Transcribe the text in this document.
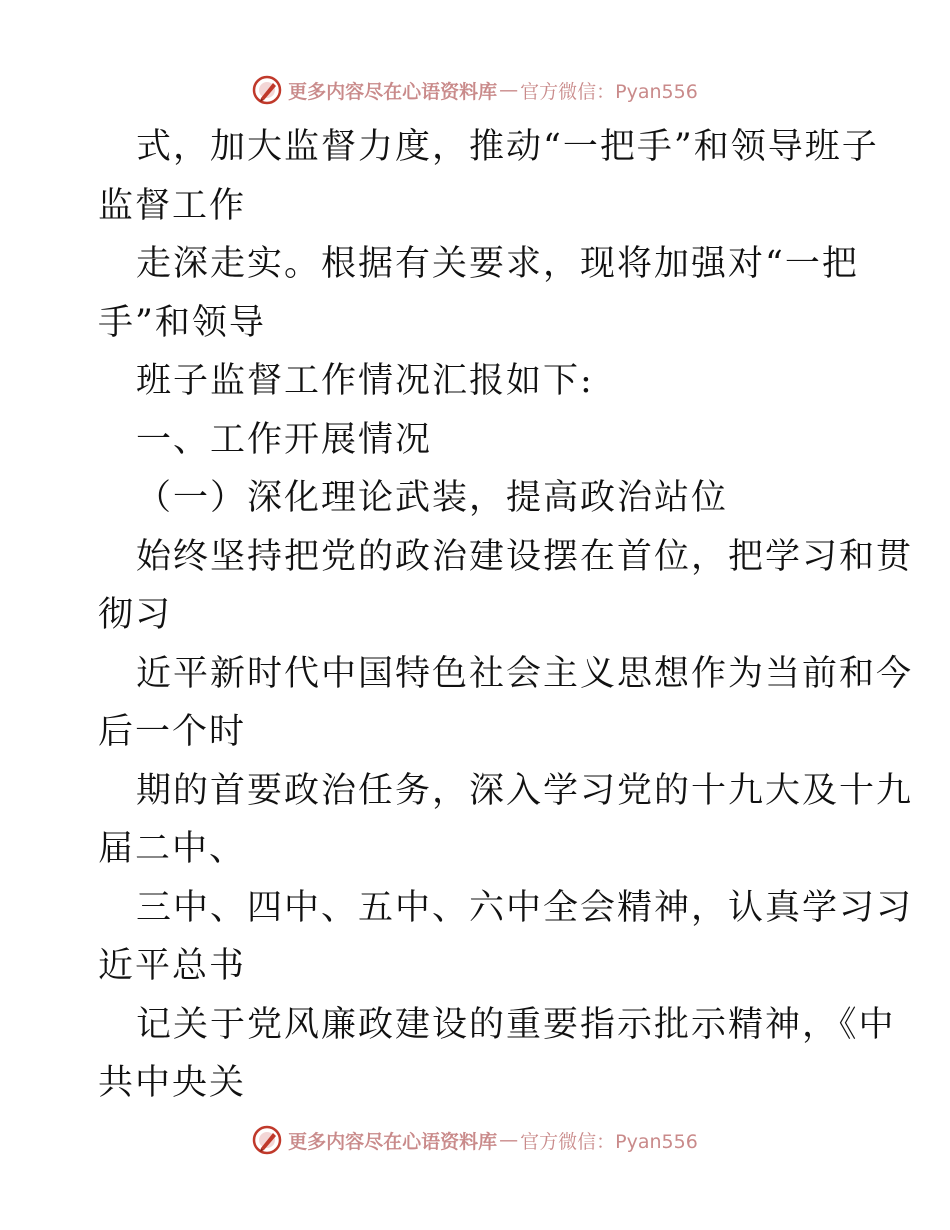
更多内容尽在心语资料库 — 官方微信：Pyan556
式，加大监督力度，推动“一把手”和领导班子
监督工作
走深走实。根据有关要求，现将加强对“一把
手”和领导
班子监督工作情况汇报如下:
一、工作开展情况
（一）深化理论武装，提高政治站位
始终坚持把党的政治建设摆在首位，把学习和贯
彻习
近平新时代中国特色社会主义思想作为当前和今
后一个时
期的首要政治任务，深入学习党的十九大及十九
届二中、
三中、四中、五中、六中全会精神，认真学习习
近平总书
记关于党风廉政建设的重要指示批示精神，《中
共中央关
更多内容尽在心语资料库 — 官方微信：Pyan556
